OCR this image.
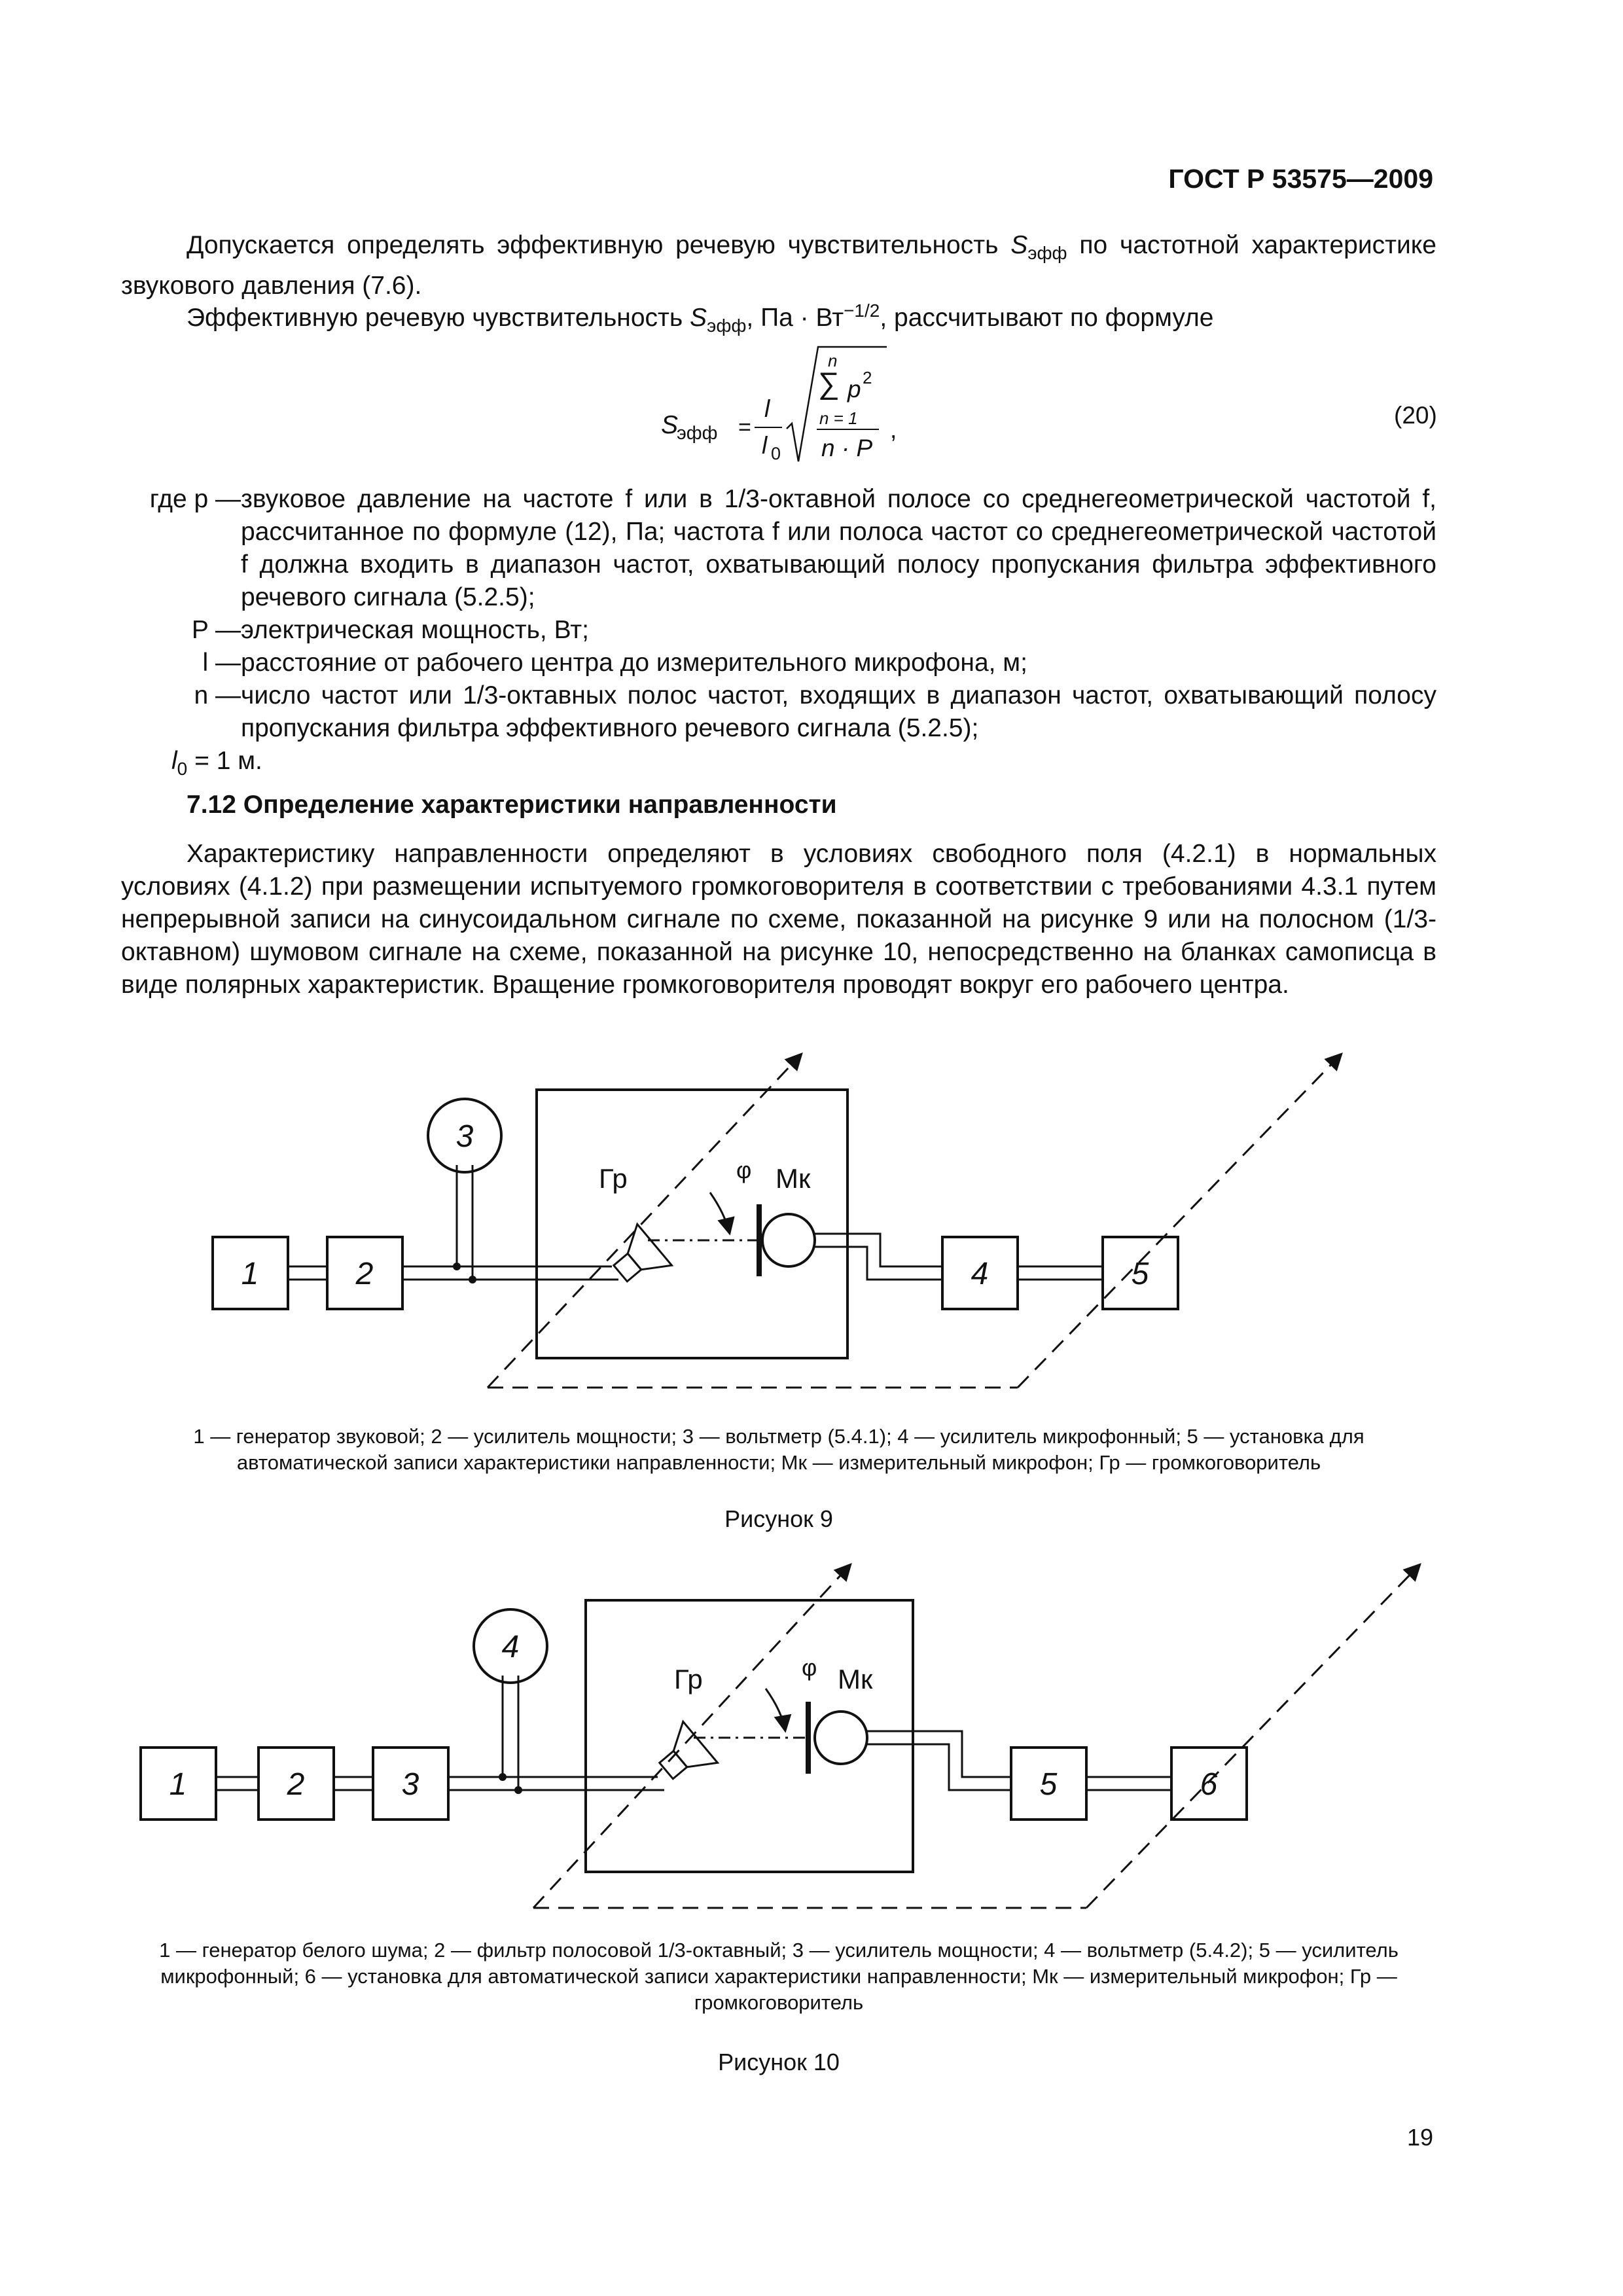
ГОСТ Р 53575—2009
Допускается определять эффективную речевую чувствительность $S_{эфф}$ по частотной характеристике звукового давления (7.6).
Эффективную речевую чувствительность $S_{эфф}$, Па · $Вт^{-1/2}$, рассчитывают по формуле
S
эфф =
l
l 0
n
∑ p 2
n = 1
n · P
,
(20)
где p — звуковое давление на частоте f или в 1/3-октавной полосе со среднегеометрической частотой f, рассчитанное по формуле (12), Па; частота f или полоса частот со среднегеометрической частотой f должна входить в диапазон частот, охватывающий полосу пропускания фильтра эффективного речевого сигнала (5.2.5);
P — электрическая мощность, Вт;
l — расстояние от рабочего центра до измерительного микрофона, м;
n — число частот или 1/3-октавных полос частот, входящих в диапазон частот, охватывающий полосу пропускания фильтра эффективного речевого сигнала (5.2.5);
$l_0 = 1$ м.
7.12 Определение характеристики направленности
Характеристику направленности определяют в условиях свободного поля (4.2.1) в нормальных условиях (4.1.2) при размещении испытуемого громкоговорителя в соответствии с требованиями 4.3.1 путем непрерывной записи на синусоидальном сигнале по схеме, показанной на рисунке 9 или на полосном (1/3-октавном) шумовом сигнале на схеме, показанной на рисунке 10, непосредственно на бланках самописца в виде полярных характеристик. Вращение громкоговорителя проводят вокруг его рабочего центра.
1	2	4	5
3
Гр	Мк
φ
1 — генератор звуковой; 2 — усилитель мощности; 3 — вольтметр (5.4.1); 4 — усилитель микрофонный; 5 — установка для автоматической записи характеристики направленности; Мк — измерительный микрофон; Гр — громкоговоритель
Рисунок 9
1	2	3	5	6
4
Гр	Мк
φ
1 — генератор белого шума; 2 — фильтр полосовой 1/3-октавный; 3 — усилитель мощности; 4 — вольтметр (5.4.2); 5 — усилитель микрофонный; 6 — установка для автоматической записи характеристики направленности; Мк — измерительный микрофон; Гр — громкоговоритель
Рисунок 10
19
